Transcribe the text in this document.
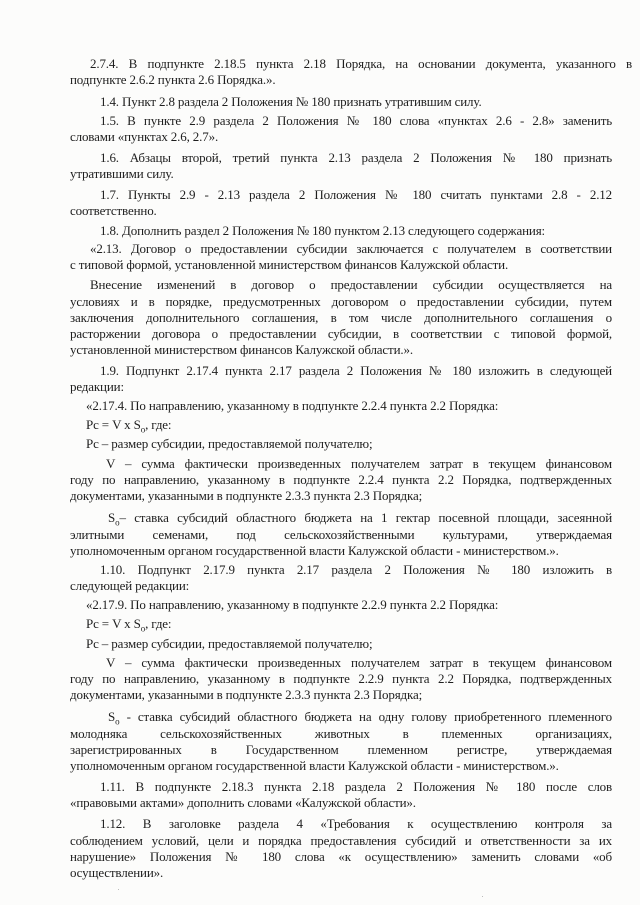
2.7.4. В подпункте 2.18.5 пункта 2.18 Порядка, на основании документа, указанного в
подпункте 2.6.2 пункта 2.6 Порядка.».
1.4. Пункт 2.8 раздела 2 Положения № 180 признать утратившим силу.
1.5. В пункте 2.9 раздела 2 Положения № 180 слова «пунктах 2.6 - 2.8» заменить
словами «пунктах 2.6, 2.7».
1.6. Абзацы второй, третий пункта 2.13 раздела 2 Положения № 180 признать
утратившими силу.
1.7. Пункты 2.9 - 2.13 раздела 2 Положения № 180 считать пунктами 2.8 - 2.12
соответственно.
1.8. Дополнить раздел 2 Положения № 180 пунктом 2.13 следующего содержания:
«2.13. Договор о предоставлении субсидии заключается с получателем в соответствии
с типовой формой, установленной министерством финансов Калужской области.
Внесение изменений в договор о предоставлении субсидии осуществляется на
условиях и в порядке, предусмотренных договором о предоставлении субсидии, путем
заключения дополнительного соглашения, в том числе дополнительного соглашения о
расторжении договора о предоставлении субсидии, в соответствии с типовой формой,
установленной министерством финансов Калужской области.».
1.9. Подпункт 2.17.4 пункта 2.17 раздела 2 Положения № 180 изложить в следующей
редакции:
«2.17.4. По направлению, указанному в подпункте 2.2.4 пункта 2.2 Порядка:
Рс = V x $S_о$, где:
Рс – размер субсидии, предоставляемой получателю;
V – сумма фактически произведенных получателем затрат в текущем финансовом
году по направлению, указанному в подпункте 2.2.4 пункта 2.2 Порядка, подтвержденных
документами, указанными в подпункте 2.3.3 пункта 2.3 Порядка;
$S_о-$ ставка субсидий областного бюджета на 1 гектар посевной площади, засеянной
элитными семенами, под сельскохозяйственными культурами, утверждаемая
уполномоченным органом государственной власти Калужской области - министерством.».
1.10. Подпункт 2.17.9 пункта 2.17 раздела 2 Положения № 180 изложить в
следующей редакции:
«2.17.9. По направлению, указанному в подпункте 2.2.9 пункта 2.2 Порядка:
Рс = V x $S_о$, где:
Рс – размер субсидии, предоставляемой получателю;
V – сумма фактически произведенных получателем затрат в текущем финансовом
году по направлению, указанному в подпункте 2.2.9 пункта 2.2 Порядка, подтвержденных
документами, указанными в подпункте 2.3.3 пункта 2.3 Порядка;
$S_о$ - ставка субсидий областного бюджета на одну голову приобретенного племенного
молодняка сельскохозяйственных животных в племенных организациях,
зарегистрированных в Государственном племенном регистре, утверждаемая
уполномоченным органом государственной власти Калужской области - министерством.».
1.11. В подпункте 2.18.3 пункта 2.18 раздела 2 Положения № 180 после слов
«правовыми актами» дополнить словами «Калужской области».
1.12. В заголовке раздела 4 «Требования к осуществлению контроля за
соблюдением условий, цели и порядка предоставления субсидий и ответственности за их
нарушение» Положения № 180 слова «к осуществлению» заменить словами «об
осуществлении».
